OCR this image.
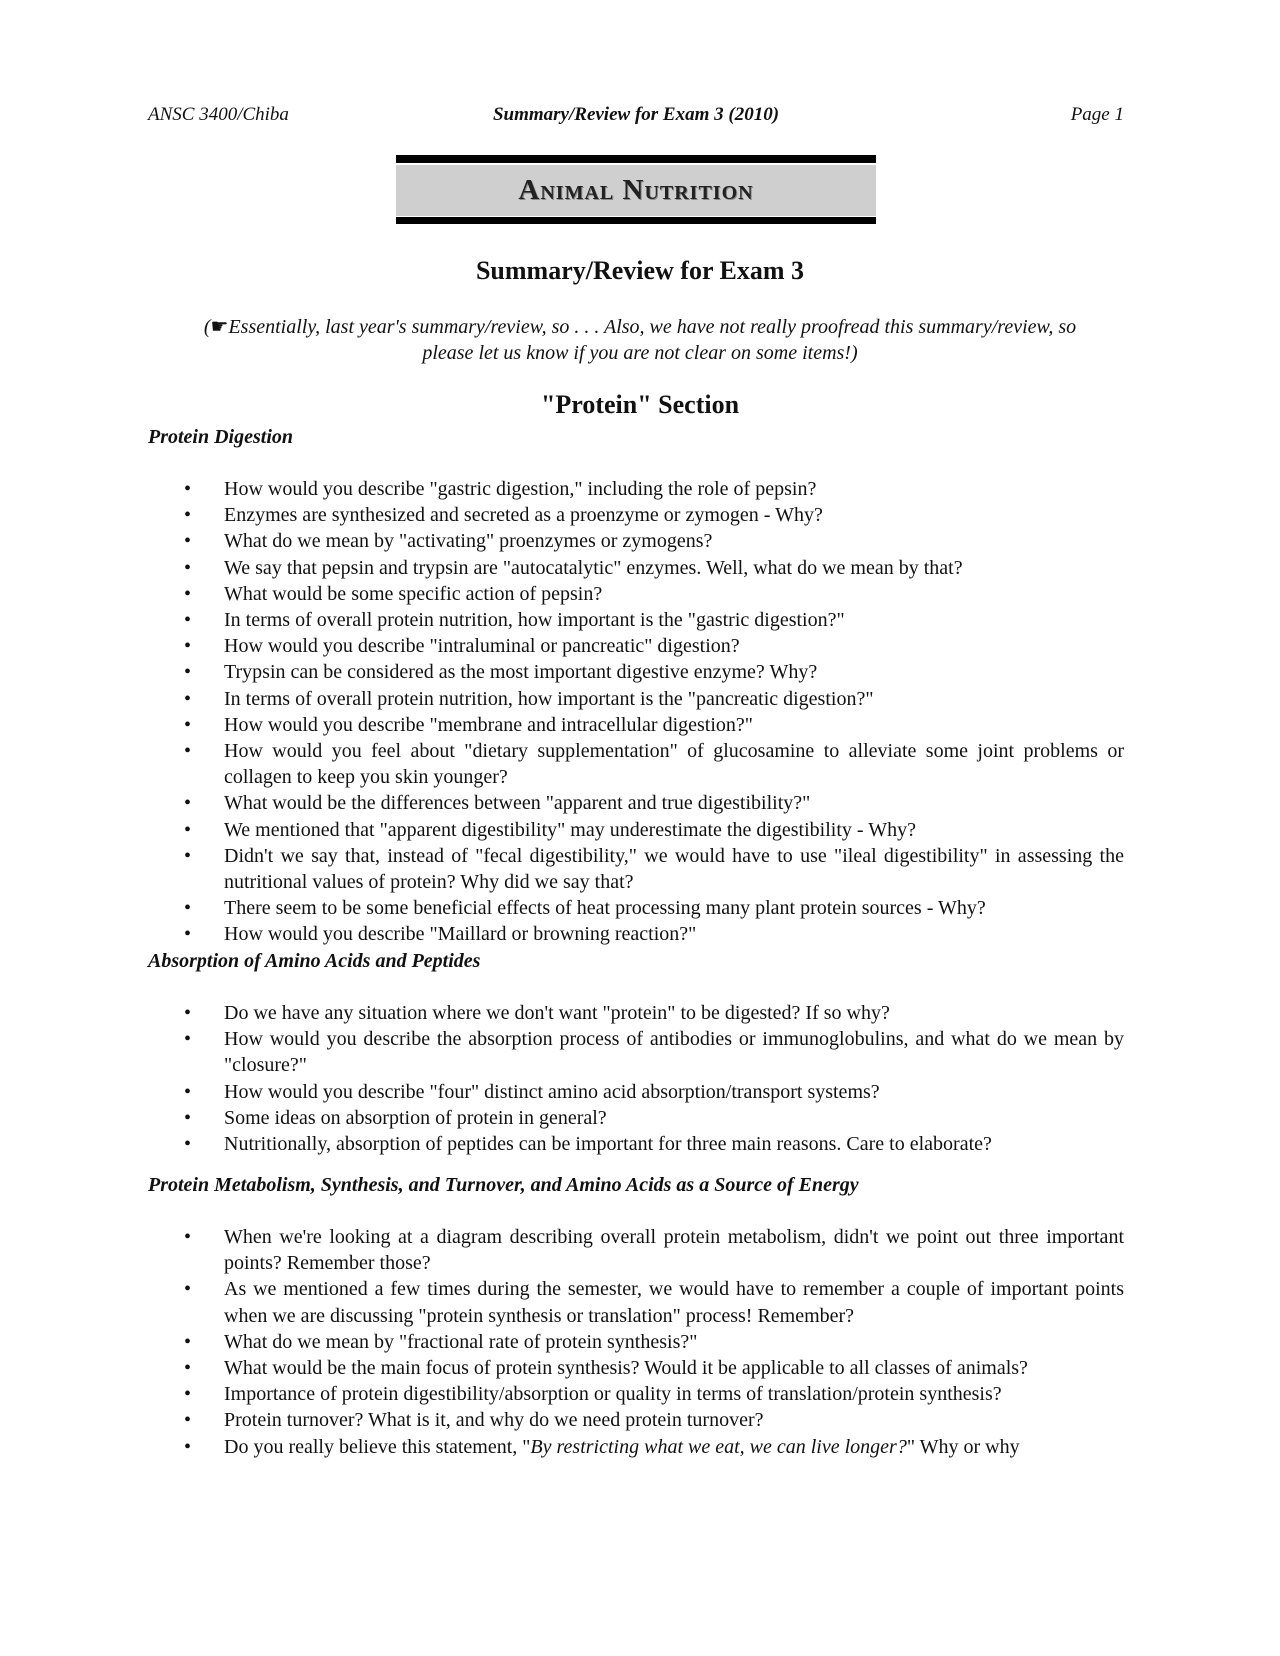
ANSC 3400/Chiba	Summary/Review for Exam 3 (2010)	Page 1
Animal Nutrition
Summary/Review for Exam 3
(☛Essentially, last year's summary/review, so . . . Also, we have not really proofread this summary/review, so please let us know if you are not clear on some items!)
"Protein" Section
Protein Digestion
• How would you describe "gastric digestion," including the role of pepsin?
• Enzymes are synthesized and secreted as a proenzyme or zymogen - Why?
• What do we mean by "activating" proenzymes or zymogens?
• We say that pepsin and trypsin are "autocatalytic" enzymes. Well, what do we mean by that?
• What would be some specific action of pepsin?
• In terms of overall protein nutrition, how important is the "gastric digestion?"
• How would you describe "intraluminal or pancreatic" digestion?
• Trypsin can be considered as the most important digestive enzyme? Why?
• In terms of overall protein nutrition, how important is the "pancreatic digestion?"
• How would you describe "membrane and intracellular digestion?"
• How would you feel about "dietary supplementation" of glucosamine to alleviate some joint problems or collagen to keep you skin younger?
• What would be the differences between "apparent and true digestibility?"
• We mentioned that "apparent digestibility" may underestimate the digestibility - Why?
• Didn't we say that, instead of "fecal digestibility," we would have to use "ileal digestibility" in assessing the nutritional values of protein? Why did we say that?
• There seem to be some beneficial effects of heat processing many plant protein sources - Why?
• How would you describe "Maillard or browning reaction?"
Absorption of Amino Acids and Peptides
• Do we have any situation where we don't want "protein" to be digested? If so why?
• How would you describe the absorption process of antibodies or immunoglobulins, and what do we mean by "closure?"
• How would you describe "four" distinct amino acid absorption/transport systems?
• Some ideas on absorption of protein in general?
• Nutritionally, absorption of peptides can be important for three main reasons. Care to elaborate?
Protein Metabolism, Synthesis, and Turnover, and Amino Acids as a Source of Energy
• When we're looking at a diagram describing overall protein metabolism, didn't we point out three important points? Remember those?
• As we mentioned a few times during the semester, we would have to remember a couple of important points when we are discussing "protein synthesis or translation" process! Remember?
• What do we mean by "fractional rate of protein synthesis?"
• What would be the main focus of protein synthesis? Would it be applicable to all classes of animals?
• Importance of protein digestibility/absorption or quality in terms of translation/protein synthesis?
• Protein turnover? What is it, and why do we need protein turnover?
• Do you really believe this statement, "By restricting what we eat, we can live longer?" Why or why
